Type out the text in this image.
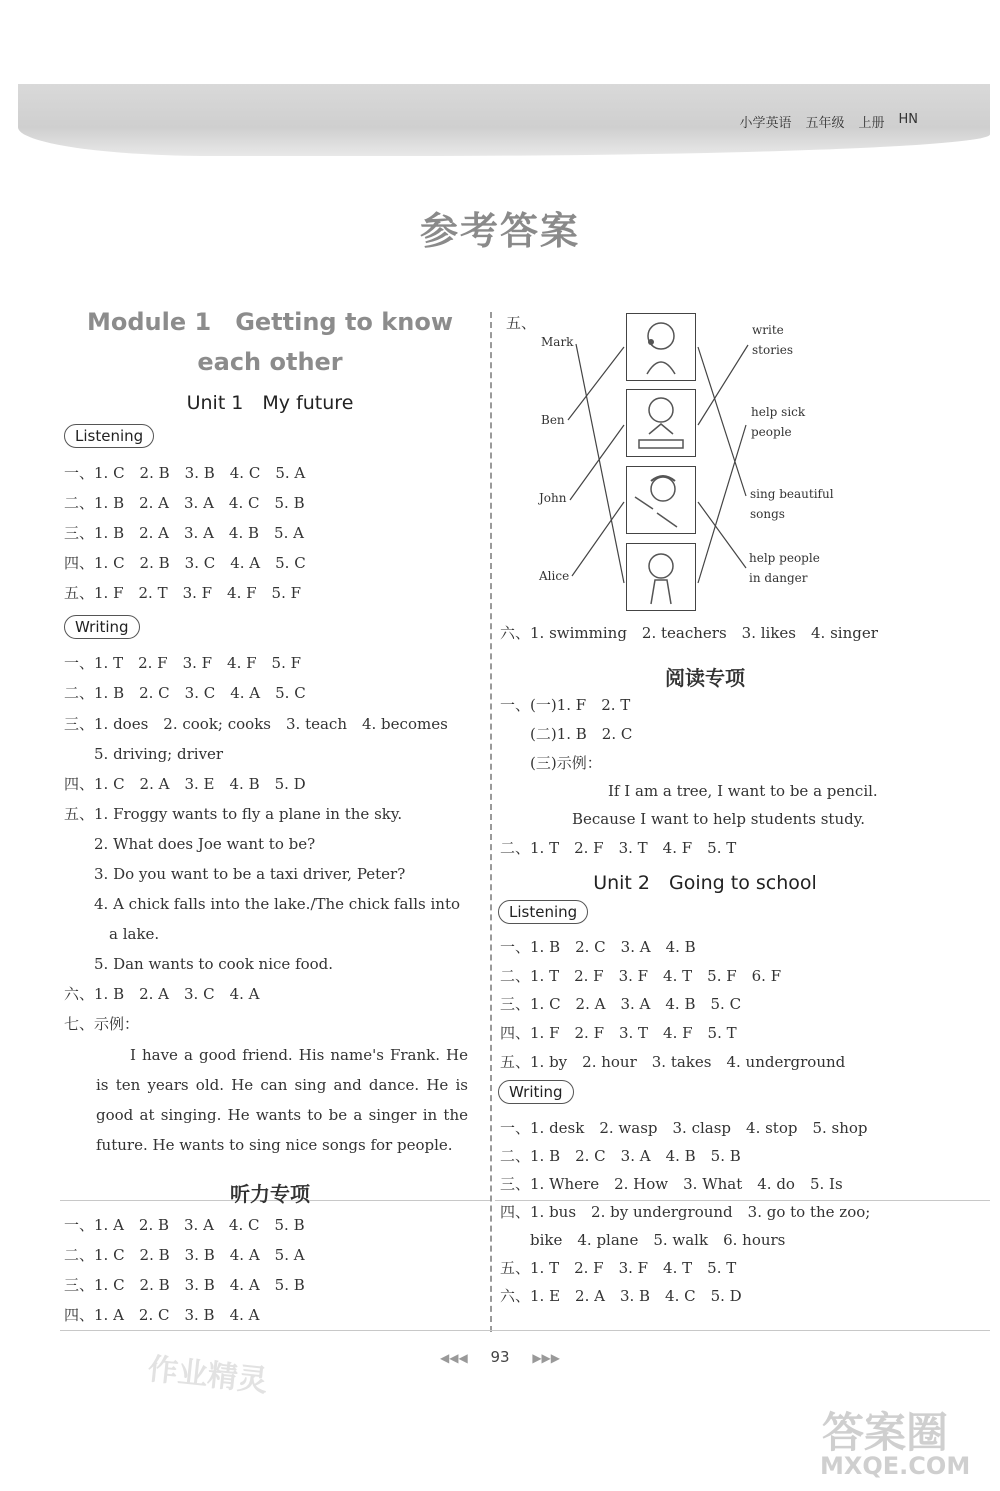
小学英语 五年级 上册 HN
参考答案
Module 1　Getting to know
each other
Unit 1　My future
Listening
一、1. C　2. B　3. B　4. C　5. A
二、1. B　2. A　3. A　4. C　5. B
三、1. B　2. A　3. A　4. B　5. A
四、1. C　2. B　3. C　4. A　5. C
五、1. F　2. T　3. F　4. F　5. F
Writing
一、1. T　2. F　3. F　4. F　5. F
二、1. B　2. C　3. C　4. A　5. C
三、1. does　2. cook; cooks　3. teach　4. becomes
　　5. driving; driver
四、1. C　2. A　3. E　4. B　5. D
五、1. Froggy wants to fly a plane in the sky.
　　2. What does Joe want to be?
　　3. Do you want to be a taxi driver, Peter?
　　4. A chick falls into the lake./The chick falls into
　　　a lake.
　　5. Dan wants to cook nice food.
六、1. B　2. A　3. C　4. A
七、示例：
I have a good friend. His name's Frank. He is ten years old. He can sing and dance. He is good at singing. He wants to be a singer in the future. He wants to sing nice songs for people.
听力专项
一、1. A　2. B　3. A　4. C　5. B
二、1. C　2. B　3. B　4. A　5. A
三、1. C　2. B　3. B　4. A　5. B
四、1. A　2. C　3. B　4. A
五、
Mark
Ben
John
Alice
write
stories
help sick
people
sing beautiful
songs
help people
in danger
六、1. swimming　2. teachers　3. likes　4. singer
阅读专项
一、(一)1. F　2. T
　　(二)1. B　2. C
　　(三)示例：
If I am a tree, I want to be a pencil.
Because I want to help students study.
二、1. T　2. F　3. T　4. F　5. T
Unit 2　Going to school
Listening
一、1. B　2. C　3. A　4. B
二、1. T　2. F　3. F　4. T　5. F　6. F
三、1. C　2. A　3. A　4. B　5. C
四、1. F　2. F　3. T　4. F　5. T
五、1. by　2. hour　3. takes　4. underground
Writing
一、1. desk　2. wasp　3. clasp　4. stop　5. shop
二、1. B　2. C　3. A　4. B　5. B
三、1. Where　2. How　3. What　4. do　5. Is
四、1. bus　2. by underground　3. go to the zoo;
　　bike　4. plane　5. walk　6. hours
五、1. T　2. F　3. F　4. T　5. T
六、1. E　2. A　3. B　4. C　5. D
◀◀◀ 93 ▶▶▶
作业精灵
答案圈
MXQE.COM
